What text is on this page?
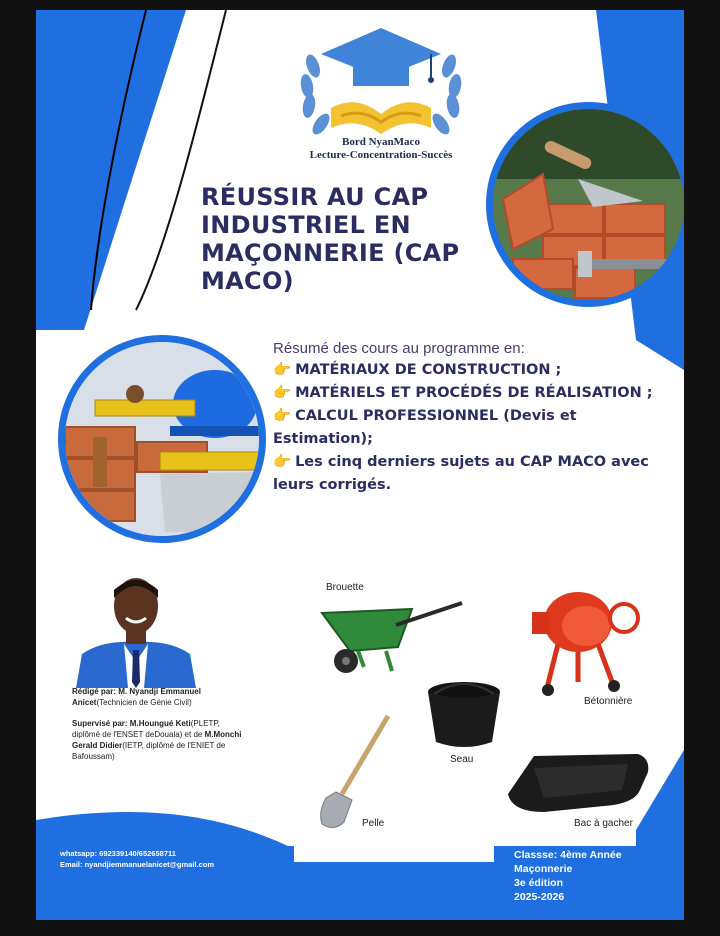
Bord NyanMaco
Lecture-Concentration-Succès
RÉUSSIR AU CAP INDUSTRIEL EN MAÇONNERIE (CAP MACO)
Résumé des cours au programme en:
👉 MATÉRIAUX DE CONSTRUCTION ;
👉 MATÉRIELS ET PROCÉDÉS DE RÉALISATION ;
👉 CALCUL PROFESSIONNEL (Devis et Estimation);
👉 Les cinq derniers sujets au CAP MACO avec leurs corrigés.

Rédigé par: M. Nyandji Emmanuel Anicet(Technicien de Génie Civil)

Supervisé par: M.Houngué Keti(PLETP, diplômé de l'ENSET deDouala) et de M.Monchi Gerald Didier(IETP, diplômé de l'ENIET de Bafoussam)

Brouette
Bétonnière
Seau
Pelle	Bac à gacher
whatsapp: 692339140/652658711
Email: nyandjiemmanuelanicet@gmail.com
Classse: 4ème Année
Maçonnerie
3e édition
2025-2026
